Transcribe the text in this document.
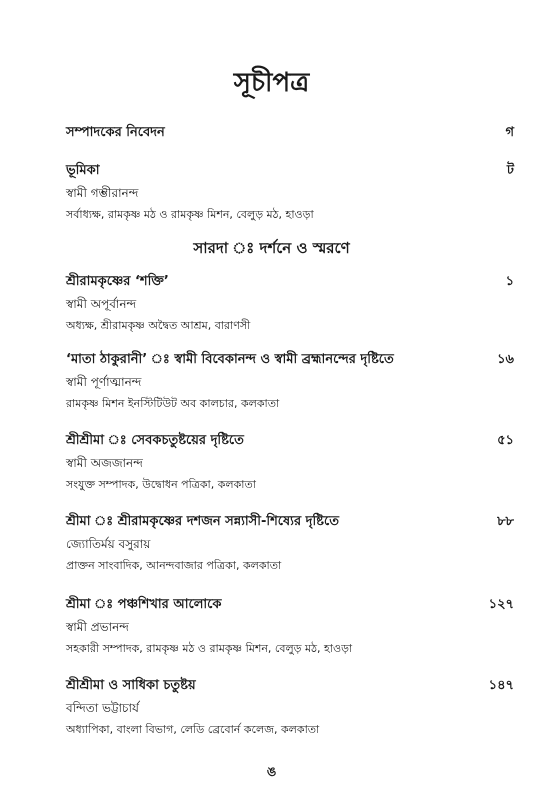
সূচীপত্র
সম্পাদকের নিবেদন	গ
ভূমিকা	ট
স্বামী গম্ভীরানন্দ
সর্বাধ্যক্ষ, রামকৃষ্ণ মঠ ও রামকৃষ্ণ মিশন, বেলুড় মঠ, হাওড়া
সারদা ঃ দর্শনে ও স্মরণে
শ্রীরামকৃষ্ণের ‘শক্তি’	১
স্বামী অপূর্বানন্দ
অধ্যক্ষ, শ্রীরামকৃষ্ণ অদ্বৈত আশ্রম, বারাণসী
‘মাতা ঠাকুরানী’ ঃ স্বামী বিবেকানন্দ ও স্বামী ব্রহ্মানন্দের দৃষ্টিতে	১৬
স্বামী পূর্ণাত্মানন্দ
রামকৃষ্ণ মিশন ইনস্টিটিউট অব কালচার, কলকাতা
শ্রীশ্রীমা ঃ সেবকচতুষ্টয়ের দৃষ্টিতে	৫১
স্বামী অজজানন্দ
সংযুক্ত সম্পাদক, উদ্বোধন পত্রিকা, কলকাতা
শ্রীমা ঃ শ্রীরামকৃষ্ণের দশজন সন্ন্যাসী-শিষ্যের দৃষ্টিতে	৮৮
জ্যোতির্ময় বসুরায়
প্রাক্তন সাংবাদিক, আনন্দবাজার পত্রিকা, কলকাতা
শ্রীমা ঃ পঞ্চশিখার আলোকে	১২৭
স্বামী প্রভানন্দ
সহকারী সম্পাদক, রামকৃষ্ণ মঠ ও রামকৃষ্ণ মিশন, বেলুড় মঠ, হাওড়া
শ্রীশ্রীমা ও সাধিকা চতুষ্টয়	১৪৭
বন্দিতা ভট্টাচার্য
অধ্যাপিকা, বাংলা বিভাগ, লেডি ব্রেবোর্ন কলেজ, কলকাতা
ঙ
